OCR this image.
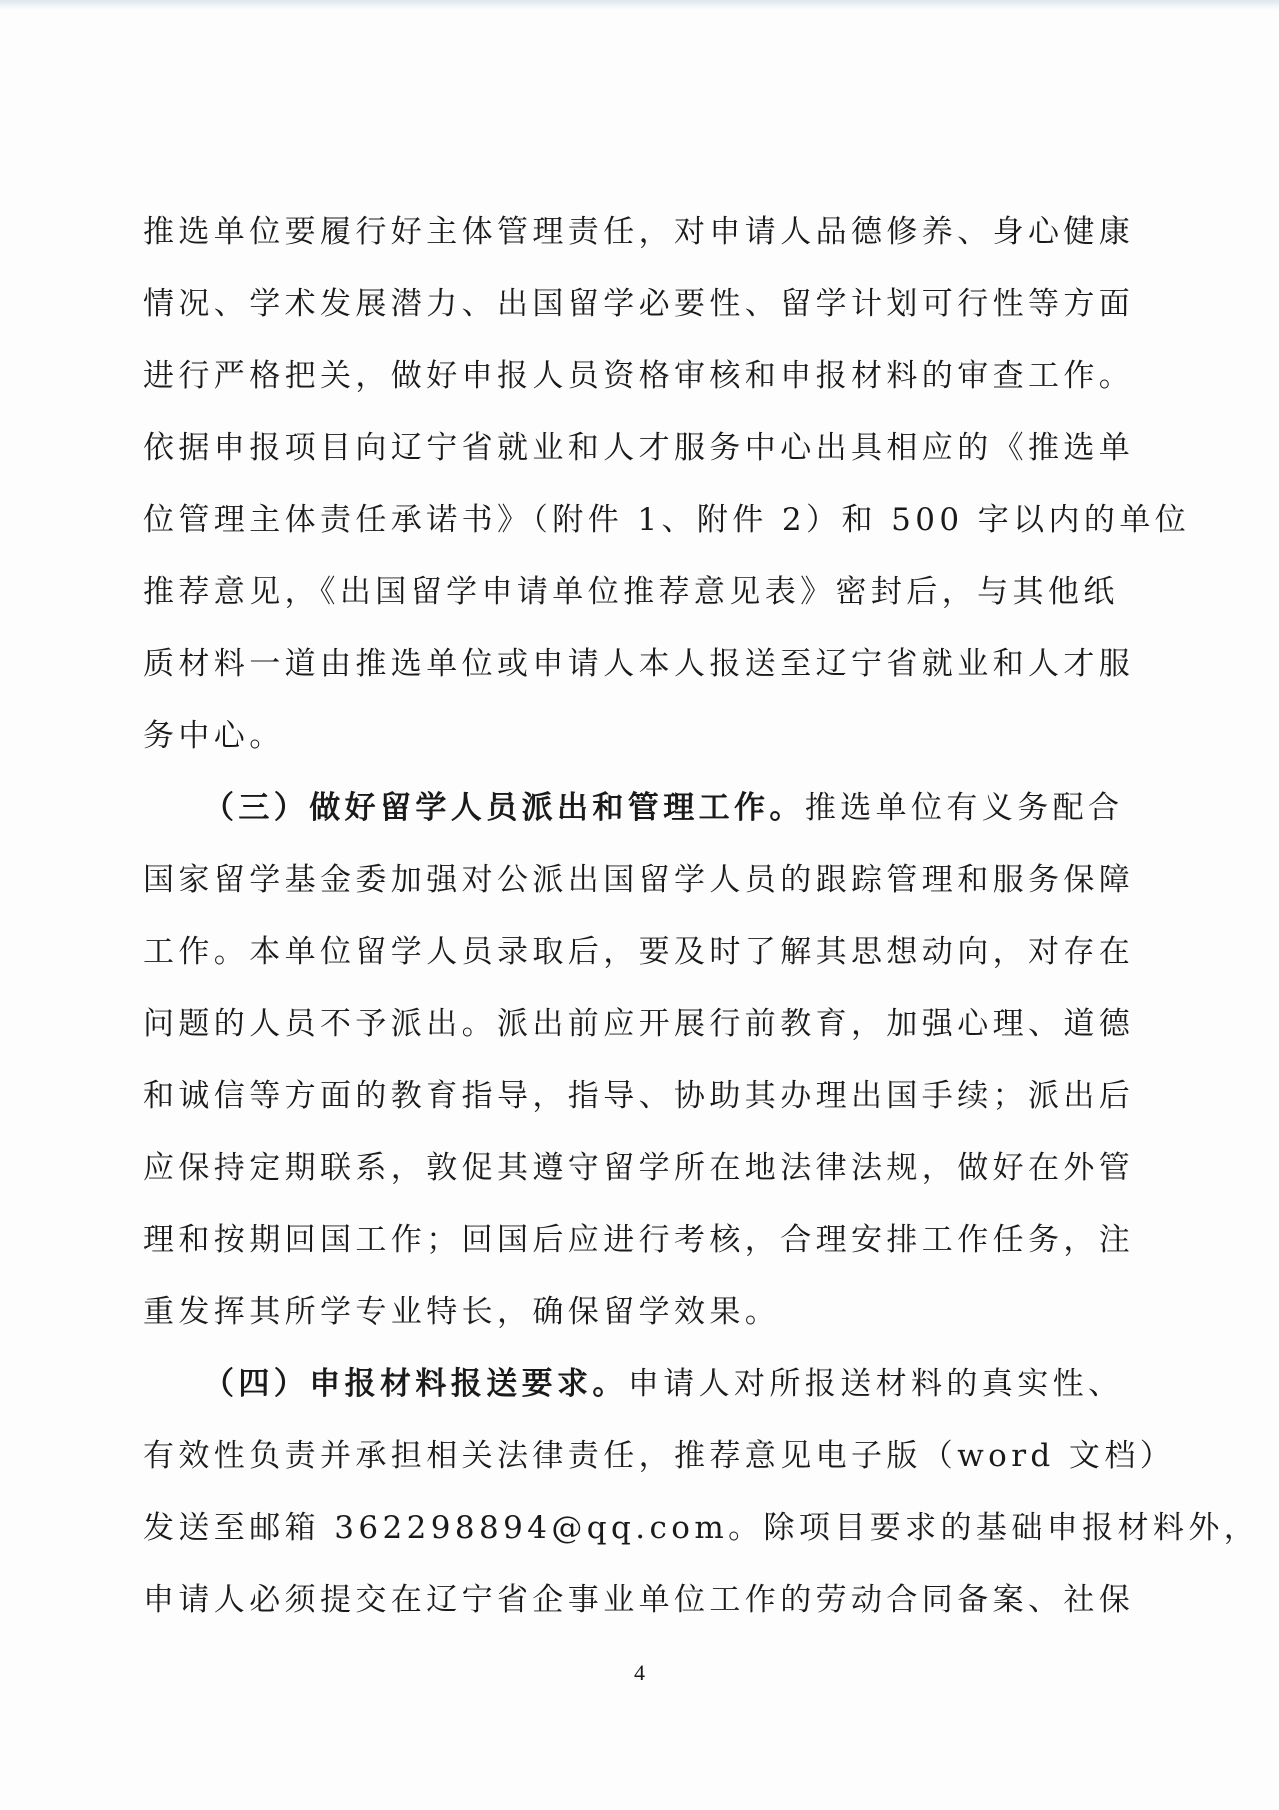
推选单位要履行好主体管理责任，对申请人品德修养、身心健康
情况、学术发展潜力、出国留学必要性、留学计划可行性等方面
进行严格把关，做好申报人员资格审核和申报材料的审查工作。
依据申报项目向辽宁省就业和人才服务中心出具相应的《推选单
位管理主体责任承诺书》（附件 1、附件 2）和 500 字以内的单位
推荐意见，《出国留学申请单位推荐意见表》密封后，与其他纸
质材料一道由推选单位或申请人本人报送至辽宁省就业和人才服
务中心。
（三）做好留学人员派出和管理工作。推选单位有义务配合
国家留学基金委加强对公派出国留学人员的跟踪管理和服务保障
工作。本单位留学人员录取后，要及时了解其思想动向，对存在
问题的人员不予派出。派出前应开展行前教育，加强心理、道德
和诚信等方面的教育指导，指导、协助其办理出国手续；派出后
应保持定期联系，敦促其遵守留学所在地法律法规，做好在外管
理和按期回国工作；回国后应进行考核，合理安排工作任务，注
重发挥其所学专业特长，确保留学效果。
（四）申报材料报送要求。申请人对所报送材料的真实性、
有效性负责并承担相关法律责任，推荐意见电子版（word 文档）
发送至邮箱 362298894@qq.com。除项目要求的基础申报材料外，
申请人必须提交在辽宁省企事业单位工作的劳动合同备案、社保
4
